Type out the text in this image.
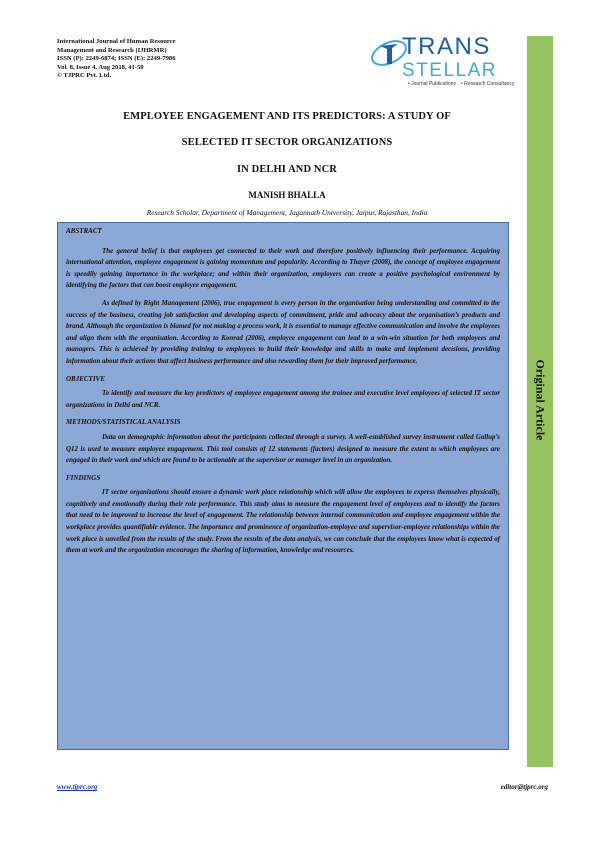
International Journal of Human Resource
Management and Research (IJHRMR)
ISSN (P): 2249-6874; ISSN (E): 2249-7986
Vol. 8, Issue 4, Aug 2018, 41-50
© TJPRC Pvt. Ltd.
TRANS
STELLAR
• Journal Publications • Research Consultancy
Original Article
EMPLOYEE ENGAGEMENT AND ITS PREDICTORS: A STUDY OF
SELECTED IT SECTOR ORGANIZATIONS
IN DELHI AND NCR
MANISH BHALLA
Research Scholar, Department of Management, Jagannath University, Jaipur, Rajasthan, India

ABSTRACT

The general belief is that employees get connected to their work and therefore positively influencing their performance. Acquiring international attention, employee engagement is gaining momentum and popularity. According to Thayer (2008), the concept of employee engagement is speedily gaining importance in the workplace; and within their organization, employers can create a positive psychological environment by identifying the factors that can boost employee engagement.

As defined by Right Management (2006), true engagement is every person in the organisation being understanding and committed to the success of the business, creating job satisfaction and developing aspects of commitment, pride and advocacy about the organisation’s products and brand. Although the organization is blamed for not making a process work, it is essential to manage effective communication and involve the employees and align them with the organisation. According to Konrad (2006), employee engagement can lead to a win-win situation for both employees and managers. This is achieved by providing training to employees to build their knowledge and skills to make and implement decisions, providing information about their actions that affect business performance and also rewarding them for their improved performance.

OBJECTIVE

To identify and measure the key predictors of employee engagement among the trainee and executive level employees of selected IT sector organizations in Delhi and NCR.

METHODS/STATISTICAL ANALYSIS

Data on demographic information about the participants collected through a survey. A well-established survey instrument called Gallup’s Q12 is used to measure employee engagement. This tool consists of 12 statements (factors) designed to measure the extent to which employees are engaged in their work and which are found to be actionable at the supervisor or manager level in an organization.

FINDINGS

IT sector organizations should ensure a dynamic work place relationship which will allow the employees to express themselves physically, cognitively and emotionally during their role performance. This study aims to measure the engagement level of employees and to identify the factors that need to be improved to increase the level of engagement. The relationship between internal communication and employee engagement within the workplace provides quantifiable evidence. The importance and prominence of organization-employee and supervisor-employee relationships within the work place is unveiled from the results of the study. From the results of the data analysis, we can conclude that the employees know what is expected of them at work and the organization encourages the sharing of information, knowledge and resources.

www.tjprc.org	editor@tjprc.org
